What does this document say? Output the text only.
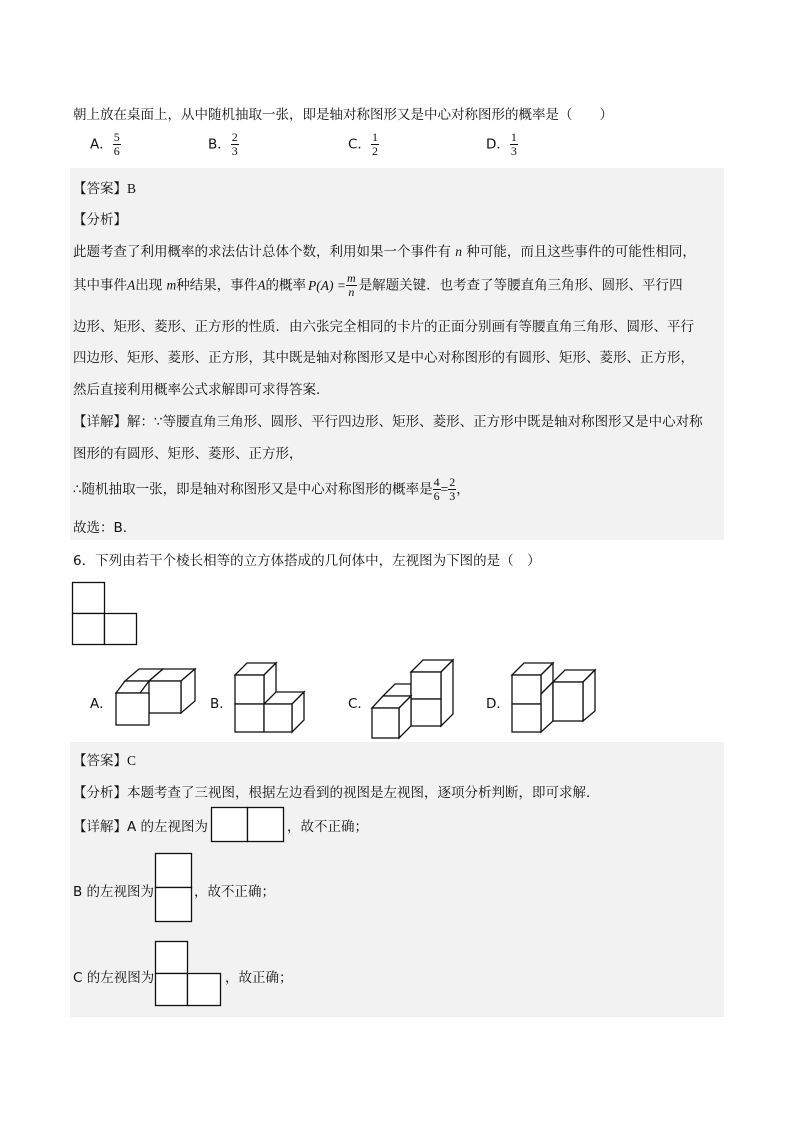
朝上放在桌面上，从中随机抽取一张，即是轴对称图形又是中心对称图形的概率是（　　）
A． $\frac{5}{6}$	B． $\frac{2}{3}$	C． $\frac{1}{2}$	D． $\frac{1}{3}$
【答案】B
【分析】
此题考查了利用概率的求法估计总体个数，利用如果一个事件有 n 种可能，而且这些事件的可能性相同，
其中事件A出现 m种结果，事件A的概率 $P(A) = \frac{m}{n}$ 是解题关键．也考查了等腰直角三角形、圆形、平行四
边形、矩形、菱形、正方形的性质．由六张完全相同的卡片的正面分别画有等腰直角三角形、圆形、平行
四边形、矩形、菱形、正方形，其中既是轴对称图形又是中心对称图形的有圆形、矩形、菱形、正方形，
然后直接利用概率公式求解即可求得答案．
【详解】解：∵等腰直角三角形、圆形、平行四边形、矩形、菱形、正方形中既是轴对称图形又是中心对称
图形的有圆形、矩形、菱形、正方形，
∴随机抽取一张，即是轴对称图形又是中心对称图形的概率是 $\frac{4}{6} = \frac{2}{3}$ ，
故选：B．
6．下列由若干个棱长相等的立方体搭成的几何体中，左视图为下图的是（　）
A．	B．	C．	D．
【答案】C
【分析】本题考查了三视图，根据左边看到的视图是左视图，逐项分析判断，即可求解．
【详解】A 的左视图为	，故不正确；
B 的左视图为	，故不正确；
C 的左视图为	，故正确；
